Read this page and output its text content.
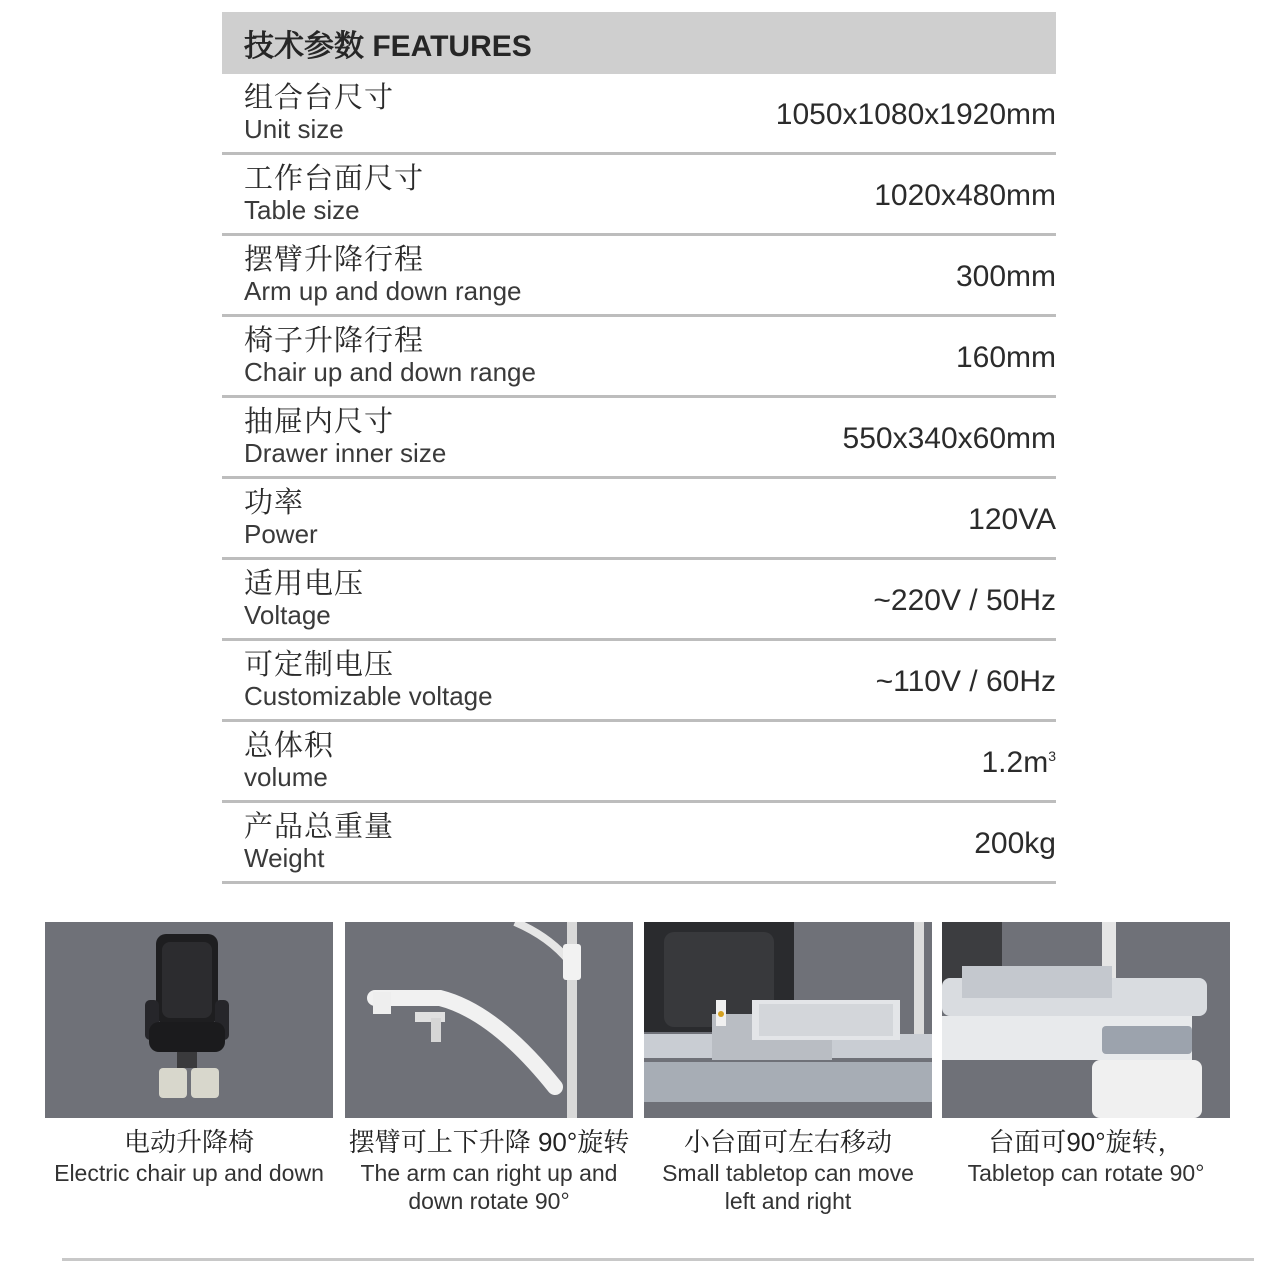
技术参数 FEATURES
组合台尺寸
Unit size	1050x1080x1920mm
工作台面尺寸
Table size	1020x480mm
摆臂升降行程
Arm up and down range	300mm
椅子升降行程
Chair up and down range	160mm
抽屉内尺寸
Drawer inner size	550x340x60mm
功率
Power	120VA
适用电压
Voltage	~220V / 50Hz
可定制电压
Customizable voltage	~110V / 60Hz
总体积
volume	$1.2m^3$
产品总重量
Weight	200kg
电动升降椅
Electric chair up and down
摆臂可上下升降 90°旋转
The arm can right up and down rotate 90°
小台面可左右移动
Small tabletop can move left and right
台面可90°旋转，
Tabletop can rotate 90°
